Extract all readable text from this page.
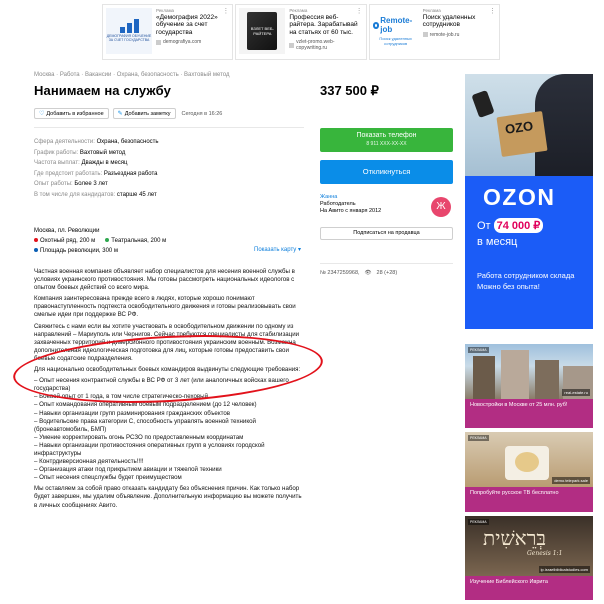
ДЕМОГРАФИЯ ОБУЧЕНИЕ ЗА СЧЕТ ГОСУДАРСТВА
Реклама
«Демография 2022» обучение за счет государства
demografiya.com
⋮
ВЗЛЕТ ВЕБ-РАЙТЕРА
Реклама
Профессия веб-райтера. Зарабатывай на статьях от 60 тыс.
vzlet-promo.web-copywriting.ru
⋮
Remote-job
Поиск удаленных сотрудников
Реклама
Поиск удаленных сотрудников
remote-job.ru
⋮
Москва · Работа · Вакансии · Охрана, безопасность · Вахтовый метод
Нанимаем на службу	337 500 ₽
♡ Добавить в избранное ✎ Добавить заметку Сегодня в 16:26
Сфера деятельности: Охрана, безопасность
График работы: Вахтовый метод
Частота выплат: Дважды в месяц
Где предстоит работать: Разъездная работа
Опыт работы: Более 3 лет
В том числе для кандидатов: старше 45 лет
Москва, пл. Революции
Охотный ряд, 200 м	Театральная, 200 м
Площадь революции, 300 м	Показать карту ▾

Частная военная компания объявляет набор специалистов для несения военной службы в условиях украинского противостояния. Мы готовы рассмотреть национальных идеологов с опытом боевых действий со всего мира.

Компания заинтересована прежде всего в людях, которые хорошо понимают правонаступленность подтекста освободительного движения и готовы реализовывать свои смелые идеи при поддержке ВС РФ.

Свяжитесь с нами если вы хотите участвовать в освободительном движении по одному из направлений – Мариуполь или Чернигов. Сейчас требуются специалисты для стабилизации захваченных территорий и диверсионного противостояния украинским военным. Возможна дополнительная идеологическая подготовка для лиц, которые готовы предоставить свои боевые содатские подразделения.

Для национально освободительных боевых командиров выдвинуты следующие требования:

– Опыт несения контрактной службы в ВС РФ от 3 лет (или аналогичных войсках вашего государства)
– Боевой опыт от 1 года, в том числе стратегическо-пеховый
– Опыт командования оперативным боевым подразделением (до 12 человек)
– Навыки организации групп разминирования гражданских объектов
– Водительские права категории С, способность управлять военной техникой (бронеавтомобиль, БМП)
– Умение корректировать огонь РСЗО по предоставленным координатам
– Навыки организации противостояния оперативных групп в условиях городской инфраструктуры
– Контрдиверсионная деятельность!!!!
– Организация атаки под прикрытием авиации и тяжелой техники
– Опыт несения спецслужбы будет преимуществом

Мы оставляем за собой право отказать кандидату без объяснения причин. Как только набор будет завершен, мы удалим объявление. Дополнительную информацию вы можете получить в личных сообщениях Авито.

Показать телефон
8 911 XXX-XX-XX
Откликнуться
Жанна
Работодатель
На Авито с января 2012	Ж
Подписаться на продавца
№ 2347259968, 👁 28 (+28)
OZO
OZON
От 74 000 ₽
в месяц
Работа сотрудником склада Можно без опыта!
РЕКЛАМА
real-estate.ru
Новостройки в Москве от 25 млн. руб!
РЕКЛАМА
demo.telepark.sale
Попробуйте русское ТВ бесплатно
בְּרֵאשִׁית
Genesis 1:1
РЕКЛАМА
ip.israelbiblicalstudies.com
Изучение Библейского Иврита
